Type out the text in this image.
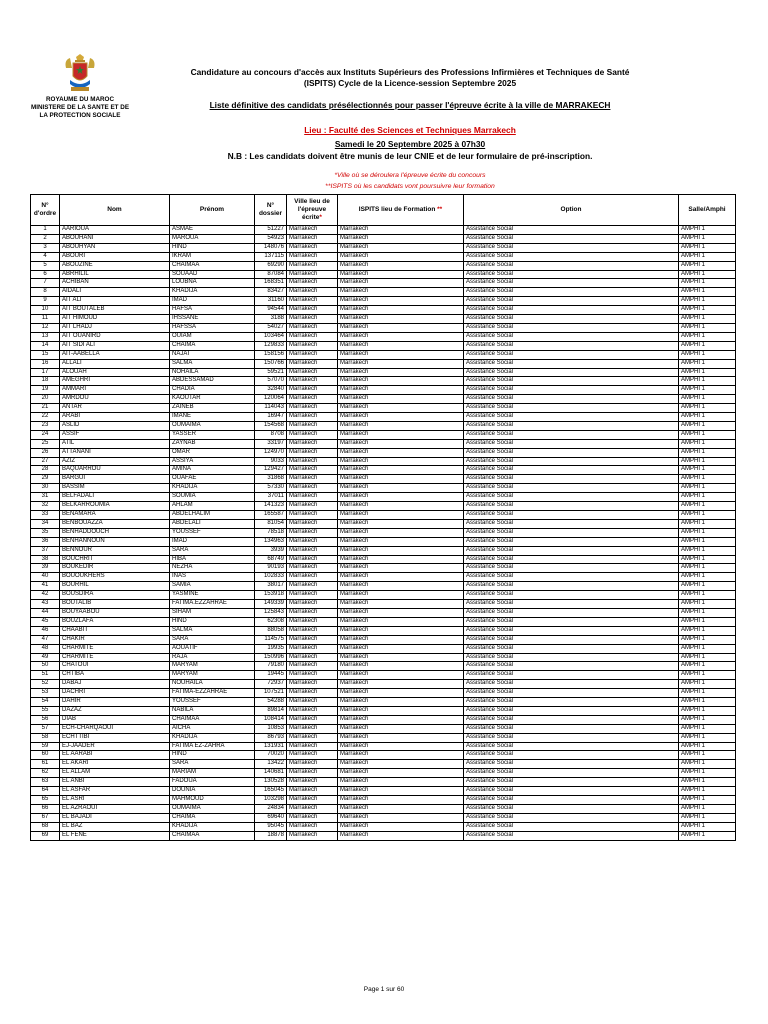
ROYAUME DU MAROC
MINISTERE DE LA SANTE ET DE
LA PROTECTION SOCIALE
Candidature au concours d'accès aux Instituts Supérieurs des Professions Infirmières et Techniques de Santé
(ISPITS) Cycle de la Licence-session Septembre 2025
Liste définitive des candidats présélectionnés pour passer l'épreuve écrite à la ville de MARRAKECH
Lieu : Faculté des Sciences et Techniques Marrakech
Samedi le 20 Septembre 2025 à 07h30
N.B : Les candidats doivent être munis de leur CNIE et de leur formulaire de pré-inscription.
*Ville où se déroulera l'épreuve écrite du concours
**ISPITS où les candidats vont poursuivre leur formation
N° d'ordre	Nom	Prénom	N° dossier	Ville lieu de l'épreuve écrite*	ISPITS lieu de Formation **	Option	Salle/Amphi
1	AARIOUA	ASMAE	51227	Marrakech	Marrakech	Assistance Social	AMPHI 1
2	ABOUHANI	MAROUA	54923	Marrakech	Marrakech	Assistance Social	AMPHI 1
3	ABOUHYAN	HIND	148076	Marrakech	Marrakech	Assistance Social	AMPHI 1
4	ABOURI	IKRAM	137115	Marrakech	Marrakech	Assistance Social	AMPHI 1
5	ABOUZINE	CHAIMAA	69290	Marrakech	Marrakech	Assistance Social	AMPHI 1
6	ABRHILIL	SOUAAD	87084	Marrakech	Marrakech	Assistance Social	AMPHI 1
7	ACHIBAN	LOUBNA	168351	Marrakech	Marrakech	Assistance Social	AMPHI 1
8	AIDALI	KHADIJA	83427	Marrakech	Marrakech	Assistance Social	AMPHI 1
9	AIT ALI	IMAD	31160	Marrakech	Marrakech	Assistance Social	AMPHI 1
10	AIT BOUTALEB	HAFSA	94544	Marrakech	Marrakech	Assistance Social	AMPHI 1
11	AIT HIMOUD	IHSSANE	3188	Marrakech	Marrakech	Assistance Social	AMPHI 1
12	AIT LHADJ	HAFSSA	54027	Marrakech	Marrakech	Assistance Social	AMPHI 1
13	AIT OUANIRD	OUIAM	103464	Marrakech	Marrakech	Assistance Social	AMPHI 1
14	AIT SIDI ALI	CHAIMA	129833	Marrakech	Marrakech	Assistance Social	AMPHI 1
15	AIT-AABELLA	NAJAT	158156	Marrakech	Marrakech	Assistance Social	AMPHI 1
16	ALLALI	SALMA	150766	Marrakech	Marrakech	Assistance Social	AMPHI 1
17	ALOUAH	NOHAILA	59521	Marrakech	Marrakech	Assistance Social	AMPHI 1
18	AMEGHRI	ABDESSAMAD	57070	Marrakech	Marrakech	Assistance Social	AMPHI 1
19	AMMARI	CHADIA	32840	Marrakech	Marrakech	Assistance Social	AMPHI 1
20	AMRDOU	KAOUTAR	120064	Marrakech	Marrakech	Assistance Social	AMPHI 1
21	ANTAR	ZAINEB	114043	Marrakech	Marrakech	Assistance Social	AMPHI 1
22	ARABI	IMANE	16947	Marrakech	Marrakech	Assistance Social	AMPHI 1
23	ASLID	OUMAIMA	154568	Marrakech	Marrakech	Assistance Social	AMPHI 1
24	ASSIF	YASSER	8708	Marrakech	Marrakech	Assistance Social	AMPHI 1
25	ATIL	ZAYNAB	33197	Marrakech	Marrakech	Assistance Social	AMPHI 1
26	ATTANANI	OMAR	124970	Marrakech	Marrakech	Assistance Social	AMPHI 1
27	AZIZ	ASSIYA	9033	Marrakech	Marrakech	Assistance Social	AMPHI 1
28	BAQUARROU	AMINA	129427	Marrakech	Marrakech	Assistance Social	AMPHI 1
29	BARGUI	OUAFAE	31868	Marrakech	Marrakech	Assistance Social	AMPHI 1
30	BASSIM	KHADIJA	57330	Marrakech	Marrakech	Assistance Social	AMPHI 1
31	BELFADALI	SOUMIA	37011	Marrakech	Marrakech	Assistance Social	AMPHI 1
32	BELKARROUMIA	AHLAM	141323	Marrakech	Marrakech	Assistance Social	AMPHI 1
33	BENAMARA	ABDELHALIM	165587	Marrakech	Marrakech	Assistance Social	AMPHI 1
34	BENBOUAZZA	ABDELALI	81054	Marrakech	Marrakech	Assistance Social	AMPHI 1
35	BENHADDOUCH	YOUSSEF	78518	Marrakech	Marrakech	Assistance Social	AMPHI 1
36	BENHANNOUN	IMAD	134963	Marrakech	Marrakech	Assistance Social	AMPHI 1
37	BENNOUR	SARA	3939	Marrakech	Marrakech	Assistance Social	AMPHI 1
38	BOUCHRIT	HIBA	68749	Marrakech	Marrakech	Assistance Social	AMPHI 1
39	BOUKEDIR	NEZHA	90193	Marrakech	Marrakech	Assistance Social	AMPHI 1
40	BOUOUKHERS	INAS	102833	Marrakech	Marrakech	Assistance Social	AMPHI 1
41	BOURHIL	SAMIA	38017	Marrakech	Marrakech	Assistance Social	AMPHI 1
42	BOUSDIRA	YASMINE	153918	Marrakech	Marrakech	Assistance Social	AMPHI 1
43	BOUTALIB	FATIMA.EZZAHRAE	149339	Marrakech	Marrakech	Assistance Social	AMPHI 1
44	BOUYAABOU	SIHAM	125843	Marrakech	Marrakech	Assistance Social	AMPHI 1
45	BOUZLAFA	HIND	62308	Marrakech	Marrakech	Assistance Social	AMPHI 1
46	CHAABIT	SALMA	88058	Marrakech	Marrakech	Assistance Social	AMPHI 1
47	CHAKIR	SARA	114575	Marrakech	Marrakech	Assistance Social	AMPHI 1
48	CHARMITE	AOUATIF	19935	Marrakech	Marrakech	Assistance Social	AMPHI 1
49	CHARMITE	RAJA	150996	Marrakech	Marrakech	Assistance Social	AMPHI 1
50	CHATOUI	MARYAM	79180	Marrakech	Marrakech	Assistance Social	AMPHI 1
51	CHTIBA	MARYAM	19445	Marrakech	Marrakech	Assistance Social	AMPHI 1
52	DABAJ	NOUHAILA	72937	Marrakech	Marrakech	Assistance Social	AMPHI 1
53	DACHRI	FATIMA-EZZAHRAE	107521	Marrakech	Marrakech	Assistance Social	AMPHI 1
54	DAHIR	YOUSSEF	54288	Marrakech	Marrakech	Assistance Social	AMPHI 1
55	DAZAZ	NABILA	89814	Marrakech	Marrakech	Assistance Social	AMPHI 1
56	DIAB	CHAIMAA	108414	Marrakech	Marrakech	Assistance Social	AMPHI 1
57	ECH-CHARQAOUI	AICHA	10853	Marrakech	Marrakech	Assistance Social	AMPHI 1
58	ECHTTIBI	KHADIJA	86793	Marrakech	Marrakech	Assistance Social	AMPHI 1
59	EJ-JAADER	FATIMA EZ-ZAHRA	131931	Marrakech	Marrakech	Assistance Social	AMPHI 1
60	EL AARABI	HIND	70020	Marrakech	Marrakech	Assistance Social	AMPHI 1
61	EL AKARI	SARA	13422	Marrakech	Marrakech	Assistance Social	AMPHI 1
62	EL ALLAM	MARIAM	140681	Marrakech	Marrakech	Assistance Social	AMPHI 1
63	EL ANBI	FADOUA	130528	Marrakech	Marrakech	Assistance Social	AMPHI 1
64	EL ASFAR	DOUNIA	165045	Marrakech	Marrakech	Assistance Social	AMPHI 1
65	EL ASRI	MAHMOUD	103298	Marrakech	Marrakech	Assistance Social	AMPHI 1
66	EL AZRAOUI	OUMAIMA	24834	Marrakech	Marrakech	Assistance Social	AMPHI 1
67	EL BAJADI	CHAIMA	69640	Marrakech	Marrakech	Assistance Social	AMPHI 1
68	EL BAZ	KHADIJA	95045	Marrakech	Marrakech	Assistance Social	AMPHI 1
69	EL FENE	CHAIMAA	18878	Marrakech	Marrakech	Assistance Social	AMPHI 1
Page 1 sur 60
